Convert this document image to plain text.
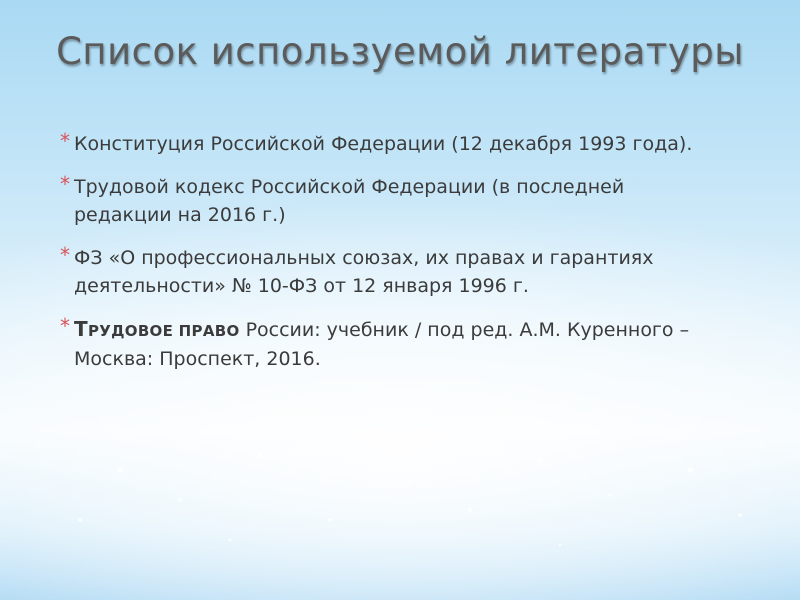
Список используемой литературы
* Конституция Российской Федерации (12 декабря 1993 года).
* Трудовой кодекс Российской Федерации (в последней редакции на 2016 г.)
* ФЗ «О профессиональных союзах, их правах и гарантиях деятельности» № 10-ФЗ от 12 января 1996 г.
* ТРУДОВОЕ ПРАВО России: учебник / под ред. А.М. Куренного – Москва: Проспект, 2016.
